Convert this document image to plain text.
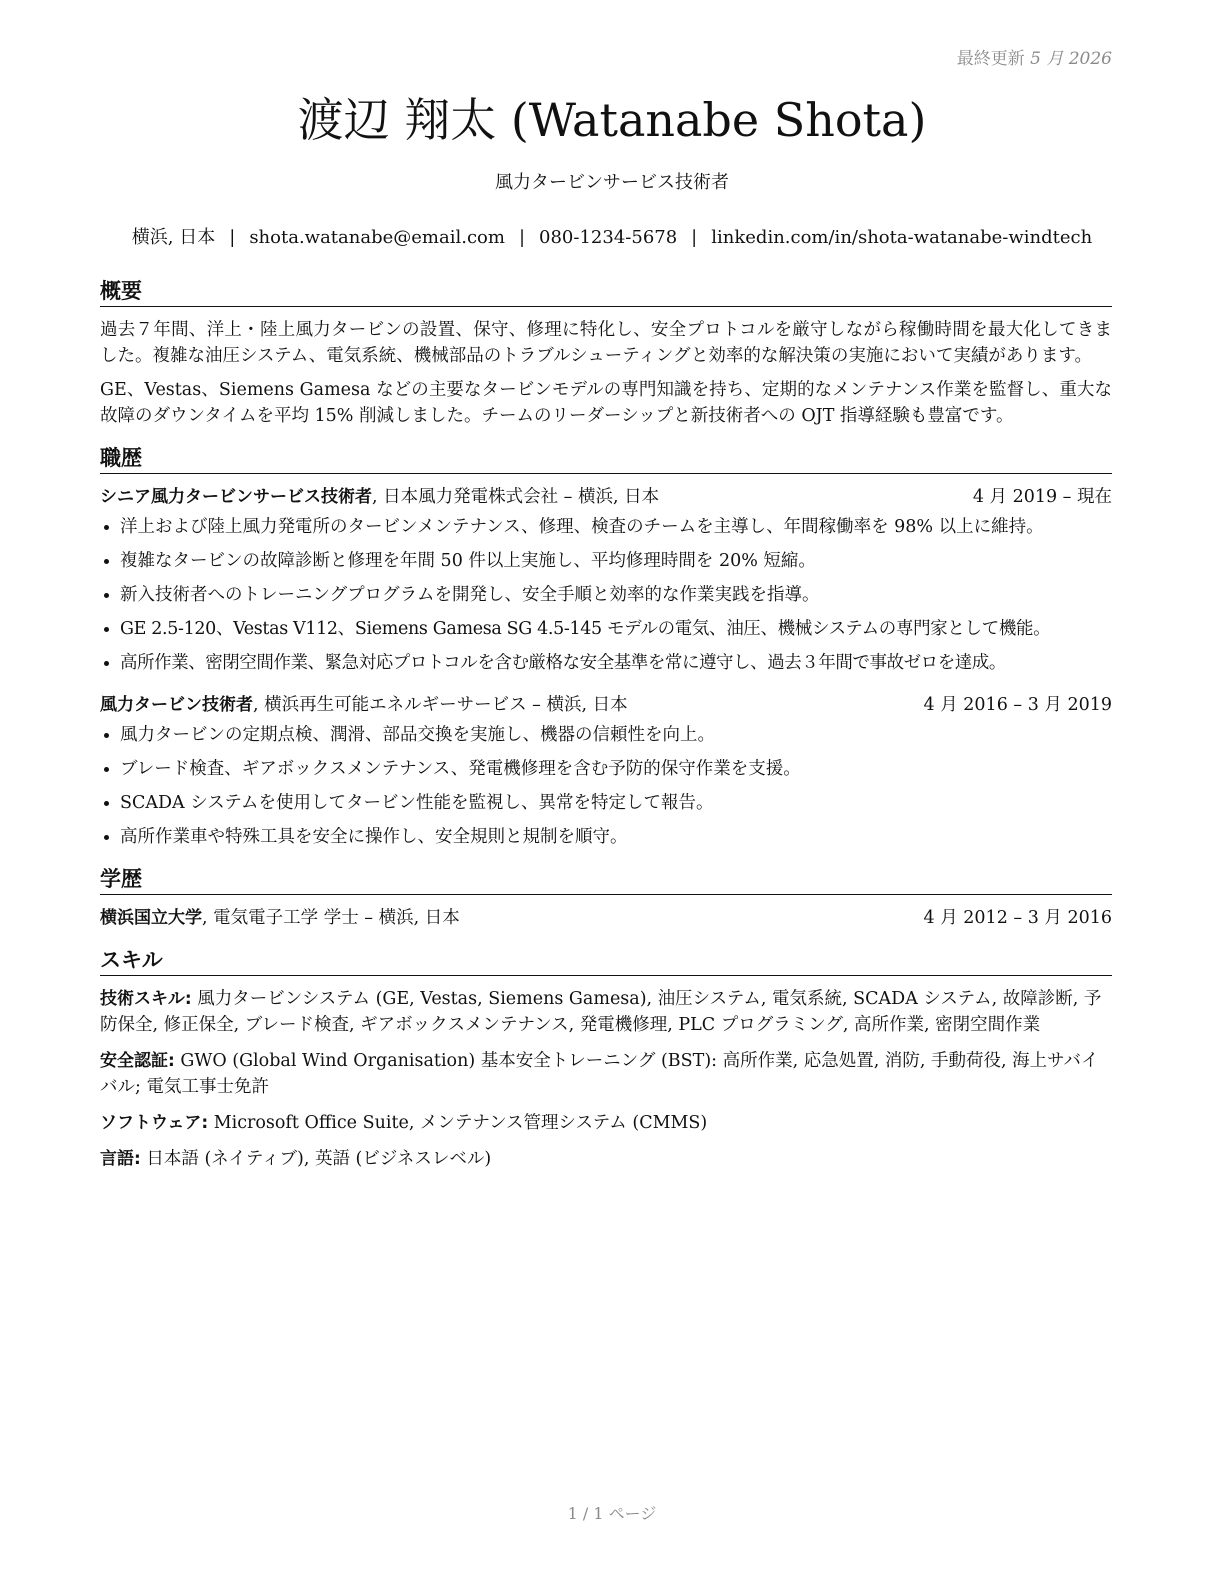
最終更新 5 月 2026
渡辺 翔太 (Watanabe Shota)
風力タービンサービス技術者
横浜, 日本 | shota.watanabe@email.com | 080-1234-5678 | linkedin.com/in/shota-watanabe-windtech
概要

過去７年間、洋上・陸上風力タービンの設置、保守、修理に特化し、安全プロトコルを厳守しながら稼働時間を最大化してきました。複雑な油圧システム、電気系統、機械部品のトラブルシューティングと効率的な解決策の実施において実績があります。

GE、Vestas、Siemens Gamesa などの主要なタービンモデルの専門知識を持ち、定期的なメンテナンス作業を監督し、重大な故障のダウンタイムを平均 15% 削減しました。チームのリーダーシップと新技術者への OJT 指導経験も豊富です。

職歴
シニア風力タービンサービス技術者, 日本風力発電株式会社 – 横浜, 日本	4 月 2019 – 現在
• 洋上および陸上風力発電所のタービンメンテナンス、修理、検査のチームを主導し、年間稼働率を 98% 以上に維持。
• 複雑なタービンの故障診断と修理を年間 50 件以上実施し、平均修理時間を 20% 短縮。
• 新入技術者へのトレーニングプログラムを開発し、安全手順と効率的な作業実践を指導。
• GE 2.5-120、Vestas V112、Siemens Gamesa SG 4.5-145 モデルの電気、油圧、機械システムの専門家として機能。
• 高所作業、密閉空間作業、緊急対応プロトコルを含む厳格な安全基準を常に遵守し、過去３年間で事故ゼロを達成。
風力タービン技術者, 横浜再生可能エネルギーサービス – 横浜, 日本	4 月 2016 – 3 月 2019
• 風力タービンの定期点検、潤滑、部品交換を実施し、機器の信頼性を向上。
• ブレード検査、ギアボックスメンテナンス、発電機修理を含む予防的保守作業を支援。
• SCADA システムを使用してタービン性能を監視し、異常を特定して報告。
• 高所作業車や特殊工具を安全に操作し、安全規則と規制を順守。
学歴
横浜国立大学, 電気電子工学 学士 – 横浜, 日本	4 月 2012 – 3 月 2016
スキル

技術スキル: 風力タービンシステム (GE, Vestas, Siemens Gamesa), 油圧システム, 電気系統, SCADA システム, 故障診断, 予防保全, 修正保全, ブレード検査, ギアボックスメンテナンス, 発電機修理, PLC プログラミング, 高所作業, 密閉空間作業

安全認証: GWO (Global Wind Organisation) 基本安全トレーニング (BST): 高所作業, 応急処置, 消防, 手動荷役, 海上サバイバル; 電気工事士免許

ソフトウェア: Microsoft Office Suite, メンテナンス管理システム (CMMS)

言語: 日本語 (ネイティブ), 英語 (ビジネスレベル)

1 / 1 ページ
